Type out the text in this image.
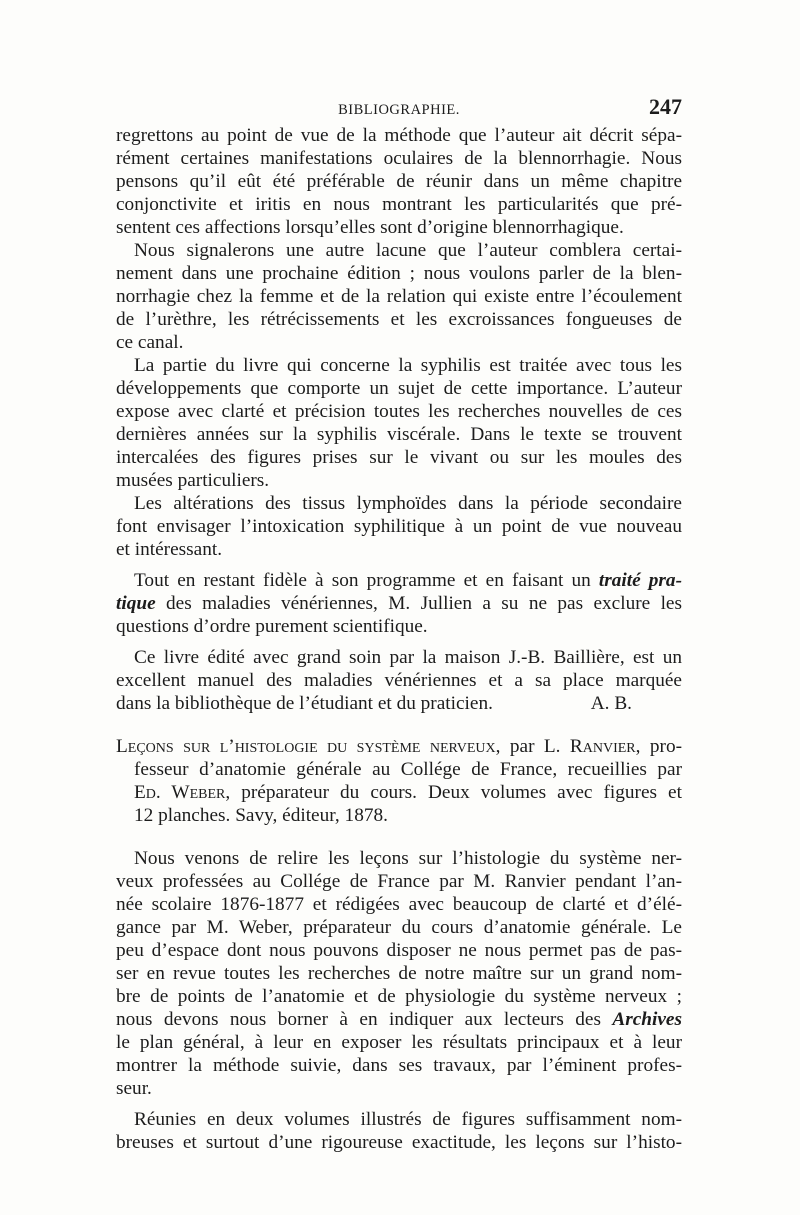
BIBLIOGRAPHIE.	247
regrettons au point de vue de la méthode que l’auteur ait décrit sépa-
rément certaines manifestations oculaires de la blennorrhagie. Nous
pensons qu’il eût été préférable de réunir dans un même chapitre
conjonctivite et iritis en nous montrant les particularités que pré-
sentent ces affections lorsqu’elles sont d’origine blennorrhagique.
Nous signalerons une autre lacune que l’auteur comblera certai-
nement dans une prochaine édition ; nous voulons parler de la blen-
norrhagie chez la femme et de la relation qui existe entre l’écoulement
de l’urèthre, les rétrécissements et les excroissances fongueuses de
ce canal.
La partie du livre qui concerne la syphilis est traitée avec tous les
développements que comporte un sujet de cette importance. L’auteur
expose avec clarté et précision toutes les recherches nouvelles de ces
dernières années sur la syphilis viscérale. Dans le texte se trouvent
intercalées des figures prises sur le vivant ou sur les moules des
musées particuliers.
Les altérations des tissus lymphoïdes dans la période secondaire
font envisager l’intoxication syphilitique à un point de vue nouveau
et intéressant.
Tout en restant fidèle à son programme et en faisant un traité pra-
tique des maladies vénériennes, M. Jullien a su ne pas exclure les
questions d’ordre purement scientifique.
Ce livre édité avec grand soin par la maison J.-B. Baillière, est un
excellent manuel des maladies vénériennes et a sa place marquée
dans la bibliothèque de l’étudiant et du praticien.	A. B.
Leçons sur l’histologie du système nerveux, par L. Ranvier, pro-
fesseur d’anatomie générale au Collége de France, recueillies par
Ed. Weber, préparateur du cours. Deux volumes avec figures et
12 planches. Savy, éditeur, 1878.
Nous venons de relire les leçons sur l’histologie du système ner-
veux professées au Collége de France par M. Ranvier pendant l’an-
née scolaire 1876-1877 et rédigées avec beaucoup de clarté et d’élé-
gance par M. Weber, préparateur du cours d’anatomie générale. Le
peu d’espace dont nous pouvons disposer ne nous permet pas de pas-
ser en revue toutes les recherches de notre maître sur un grand nom-
bre de points de l’anatomie et de physiologie du système nerveux ;
nous devons nous borner à en indiquer aux lecteurs des Archives
le plan général, à leur en exposer les résultats principaux et à leur
montrer la méthode suivie, dans ses travaux, par l’éminent profes-
seur.
Réunies en deux volumes illustrés de figures suffisamment nom-
breuses et surtout d’une rigoureuse exactitude, les leçons sur l’histo-
